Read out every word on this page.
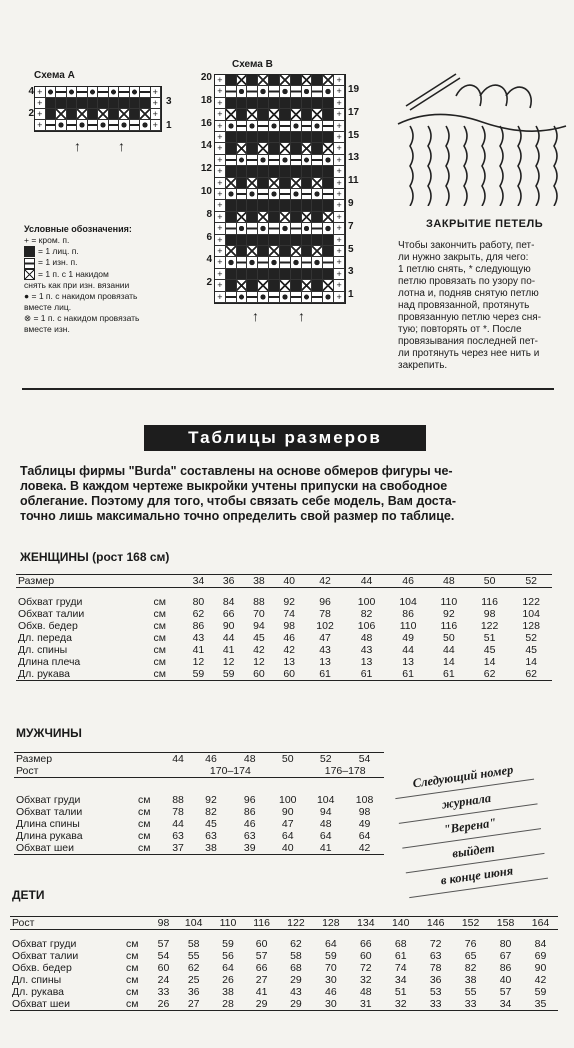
Схема А
4
2
+	+
+	+
+	+
+	+
3
1
↑	↑
Схема В
20
18
16
14
12
10
8
6
4
2
+	+
+	+
+	+
+	+
+	+
+	+
+	+
+	+
+	+
+	+
+	+
+	+
+	+
+	+
+	+
+	+
+	+
+	+
+	+
+	+
19
17
15
13
11
9
7
5
3
1
↑	↑
Условные обозначения:
+ = кром. п.
= 1 лиц. п.
= 1 изн. п.
= 1 п. с 1 накидом
снять как при изн. вязании
● = 1 п. с накидом провязать
вместе лиц.
⊗ = 1 п. с накидом провязать
вместе изн.
ЗАКРЫТИЕ ПЕТЕЛЬ
Чтобы закончить работу, пет-
ли нужно закрыть, для чего:
1 петлю снять, * следующую
петлю провязать по узору по-
лотна и, подняв снятую петлю
над провязанной, протянуть
провязанную петлю через сня-
тую; повторять от *. После
провязывания последней пет-
ли протянуть через нее нить и
закрепить.
Таблицы размеров
Таблицы фирмы "Burda" составлены на основе обмеров фигуры че-
ловека. В каждом чертеже выкройки учтены припуски на свободное
облегание. Поэтому для того, чтобы связать себе модель, Вам доста-
точно лишь максимально точно определить свой размер по таблице.
ЖЕНЩИНЫ (рост 168 см)
Размер		34	36	38	40	42	44	46	48	50	52

Обхват груди	см	80	84	88	92	96	100	104	110	116	122
Обхват талии	см	62	66	70	74	78	82	86	92	98	104
Обхв. бедер	см	86	90	94	98	102	106	110	116	122	128
Дл. переда	см	43	44	45	46	47	48	49	50	51	52
Дл. спины	см	41	41	42	42	43	43	44	44	45	45
Длина плеча	см	12	12	12	13	13	13	13	14	14	14
Дл. рукава	см	59	59	60	60	61	61	61	61	62	62
МУЖЧИНЫ
Размер		44	46	48	50	52	54
Рост			170–174			176–178	

Обхват груди	см	88	92	96	100	104	108
Обхват талии	см	78	82	86	90	94	98
Длина спины	см	44	45	46	47	48	49
Длина рукава	см	63	63	63	64	64	64
Обхват шеи	см	37	38	39	40	41	42
Следующий номер
журнала
"Верена"
выйдет
в конце июня
ДЕТИ
Рост		98	104	110	116	122	128	134	140	146	152	158	164

Обхват груди	см	57	58	59	60	62	64	66	68	72	76	80	84
Обхват талии	см	54	55	56	57	58	59	60	61	63	65	67	69
Обхв. бедер	см	60	62	64	66	68	70	72	74	78	82	86	90
Дл. спины	см	24	25	26	27	29	30	32	34	36	38	40	42
Дл. рукава	см	33	36	38	41	43	46	48	51	53	55	57	59
Обхват шеи	см	26	27	28	29	29	30	31	32	33	33	34	35
